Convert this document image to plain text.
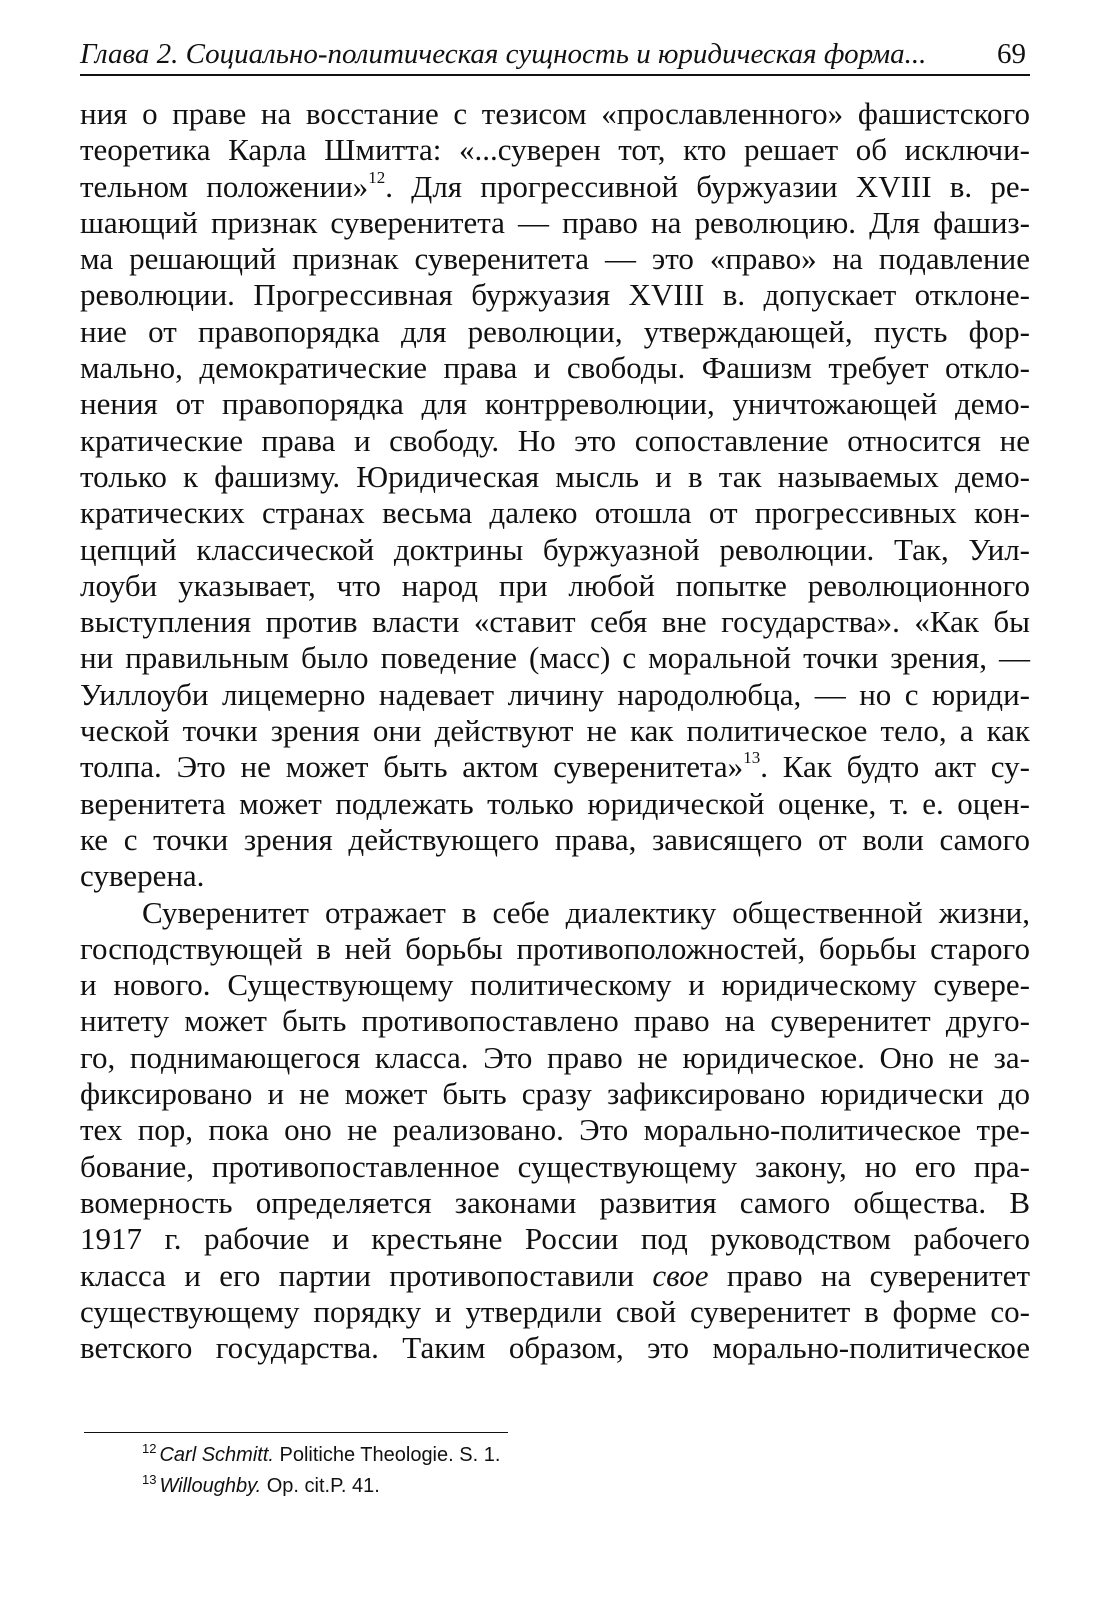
Глава 2. Социально-политическая сущность и юридическая форма... 69
ния о праве на восстание с тезисом «прославленного» фашистского
теоретика Карла Шмитта: «...суверен тот, кто решает об исключи-
тельном положении»$^{12}$. Для прогрессивной буржуазии XVIII в. ре-
шающий признак суверенитета — право на революцию. Для фашиз-
ма решающий признак суверенитета — это «право» на подавление
революции. Прогрессивная буржуазия XVIII в. допускает отклоне-
ние от правопорядка для революции, утверждающей, пусть фор-
мально, демократические права и свободы. Фашизм требует откло-
нения от правопорядка для контрреволюции, уничтожающей демо-
кратические права и свободу. Но это сопоставление относится не
только к фашизму. Юридическая мысль и в так называемых демо-
кратических странах весьма далеко отошла от прогрессивных кон-
цепций классической доктрины буржуазной революции. Так, Уил-
лоуби указывает, что народ при любой попытке революционного
выступления против власти «ставит себя вне государства». «Как бы
ни правильным было поведение (масс) с моральной точки зрения, —
Уиллоуби лицемерно надевает личину народолюбца, — но с юриди-
ческой точки зрения они действуют не как политическое тело, а как
толпа. Это не может быть актом суверенитета»$^{13}$. Как будто акт су-
веренитета может подлежать только юридической оценке, т. е. оцен-
ке с точки зрения действующего права, зависящего от воли самого
суверена.
Суверенитет отражает в себе диалектику общественной жизни,
господствующей в ней борьбы противоположностей, борьбы старого
и нового. Существующему политическому и юридическому сувере-
нитету может быть противопоставлено право на суверенитет друго-
го, поднимающегося класса. Это право не юридическое. Оно не за-
фиксировано и не может быть сразу зафиксировано юридически до
тех пор, пока оно не реализовано. Это морально-политическое тре-
бование, противопоставленное существующему закону, но его пра-
вомерность определяется законами развития самого общества. В
1917 г. рабочие и крестьяне России под руководством рабочего
класса и его партии противопоставили свое право на суверенитет
существующему порядку и утвердили свой суверенитет в форме со-
ветского государства. Таким образом, это морально-политическое
$^{12}$ Carl Schmitt. Politiche Theologie. S. 1.
$^{13}$ Willoughby. Op. cit.P. 41.
